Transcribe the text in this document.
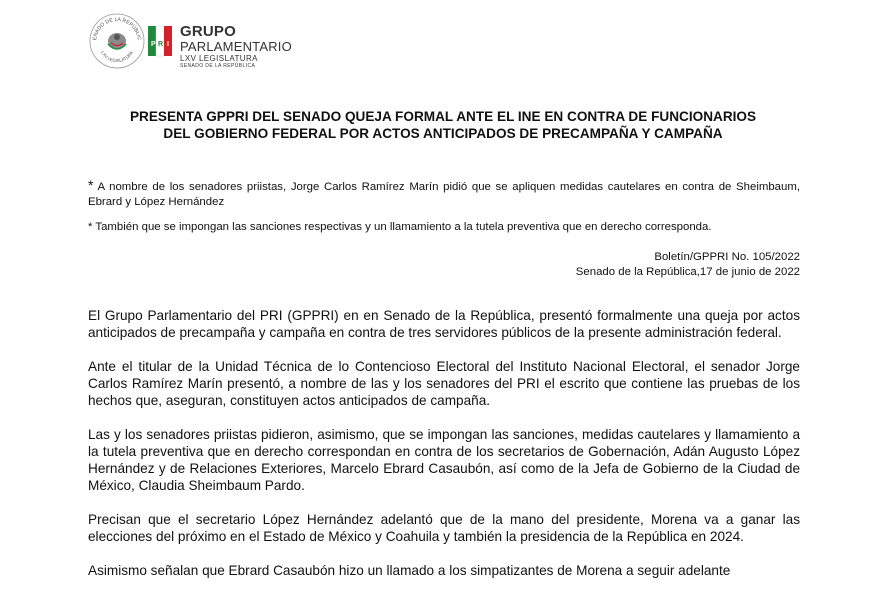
ENADO DE LA REPÚBLIC
LXV LEGISLATURA
P R I
GRUPO
PARLAMENTARIO
LXV LEGISLATURA
SENADO DE LA REPÚBLICA
PRESENTA GPPRI DEL SENADO QUEJA FORMAL ANTE EL INE EN CONTRA DE FUNCIONARIOS
DEL GOBIERNO FEDERAL POR ACTOS ANTICIPADOS DE PRECAMPAÑA Y CAMPAÑA
* A nombre de los senadores priistas, Jorge Carlos Ramírez Marín pidió que se apliquen medidas cautelares en contra de Sheimbaum, Ebrard y López Hernández
* También que se impongan las sanciones respectivas y un llamamiento a la tutela preventiva que en derecho corresponda.
Boletín/GPPRI No. 105/2022
Senado de la República,17 de junio de 2022

El Grupo Parlamentario del PRI (GPPRI) en en Senado de la República, presentó formalmente una queja por actos anticipados de precampaña y campaña en contra de tres servidores públicos de la presente administración federal.

Ante el titular de la Unidad Técnica de lo Contencioso Electoral del Instituto Nacional Electoral, el senador Jorge Carlos Ramírez Marín presentó, a nombre de las y los senadores del PRI el escrito que contiene las pruebas de los hechos que, aseguran, constituyen actos anticipados de campaña.

Las y los senadores priistas pidieron, asimismo, que se impongan las sanciones, medidas cautelares y llamamiento a la tutela preventiva que en derecho correspondan en contra de los secretarios de Gobernación, Adán Augusto López Hernández y de Relaciones Exteriores, Marcelo Ebrard Casaubón, así como de la Jefa de Gobierno de la Ciudad de México, Claudia Sheimbaum Pardo.

Precisan que el secretario López Hernández adelantó que de la mano del presidente, Morena va a ganar las elecciones del próximo en el Estado de México y Coahuila y también la presidencia de la República en 2024.

Asimismo señalan que Ebrard Casaubón hizo un llamado a los simpatizantes de Morena a seguir adelante
